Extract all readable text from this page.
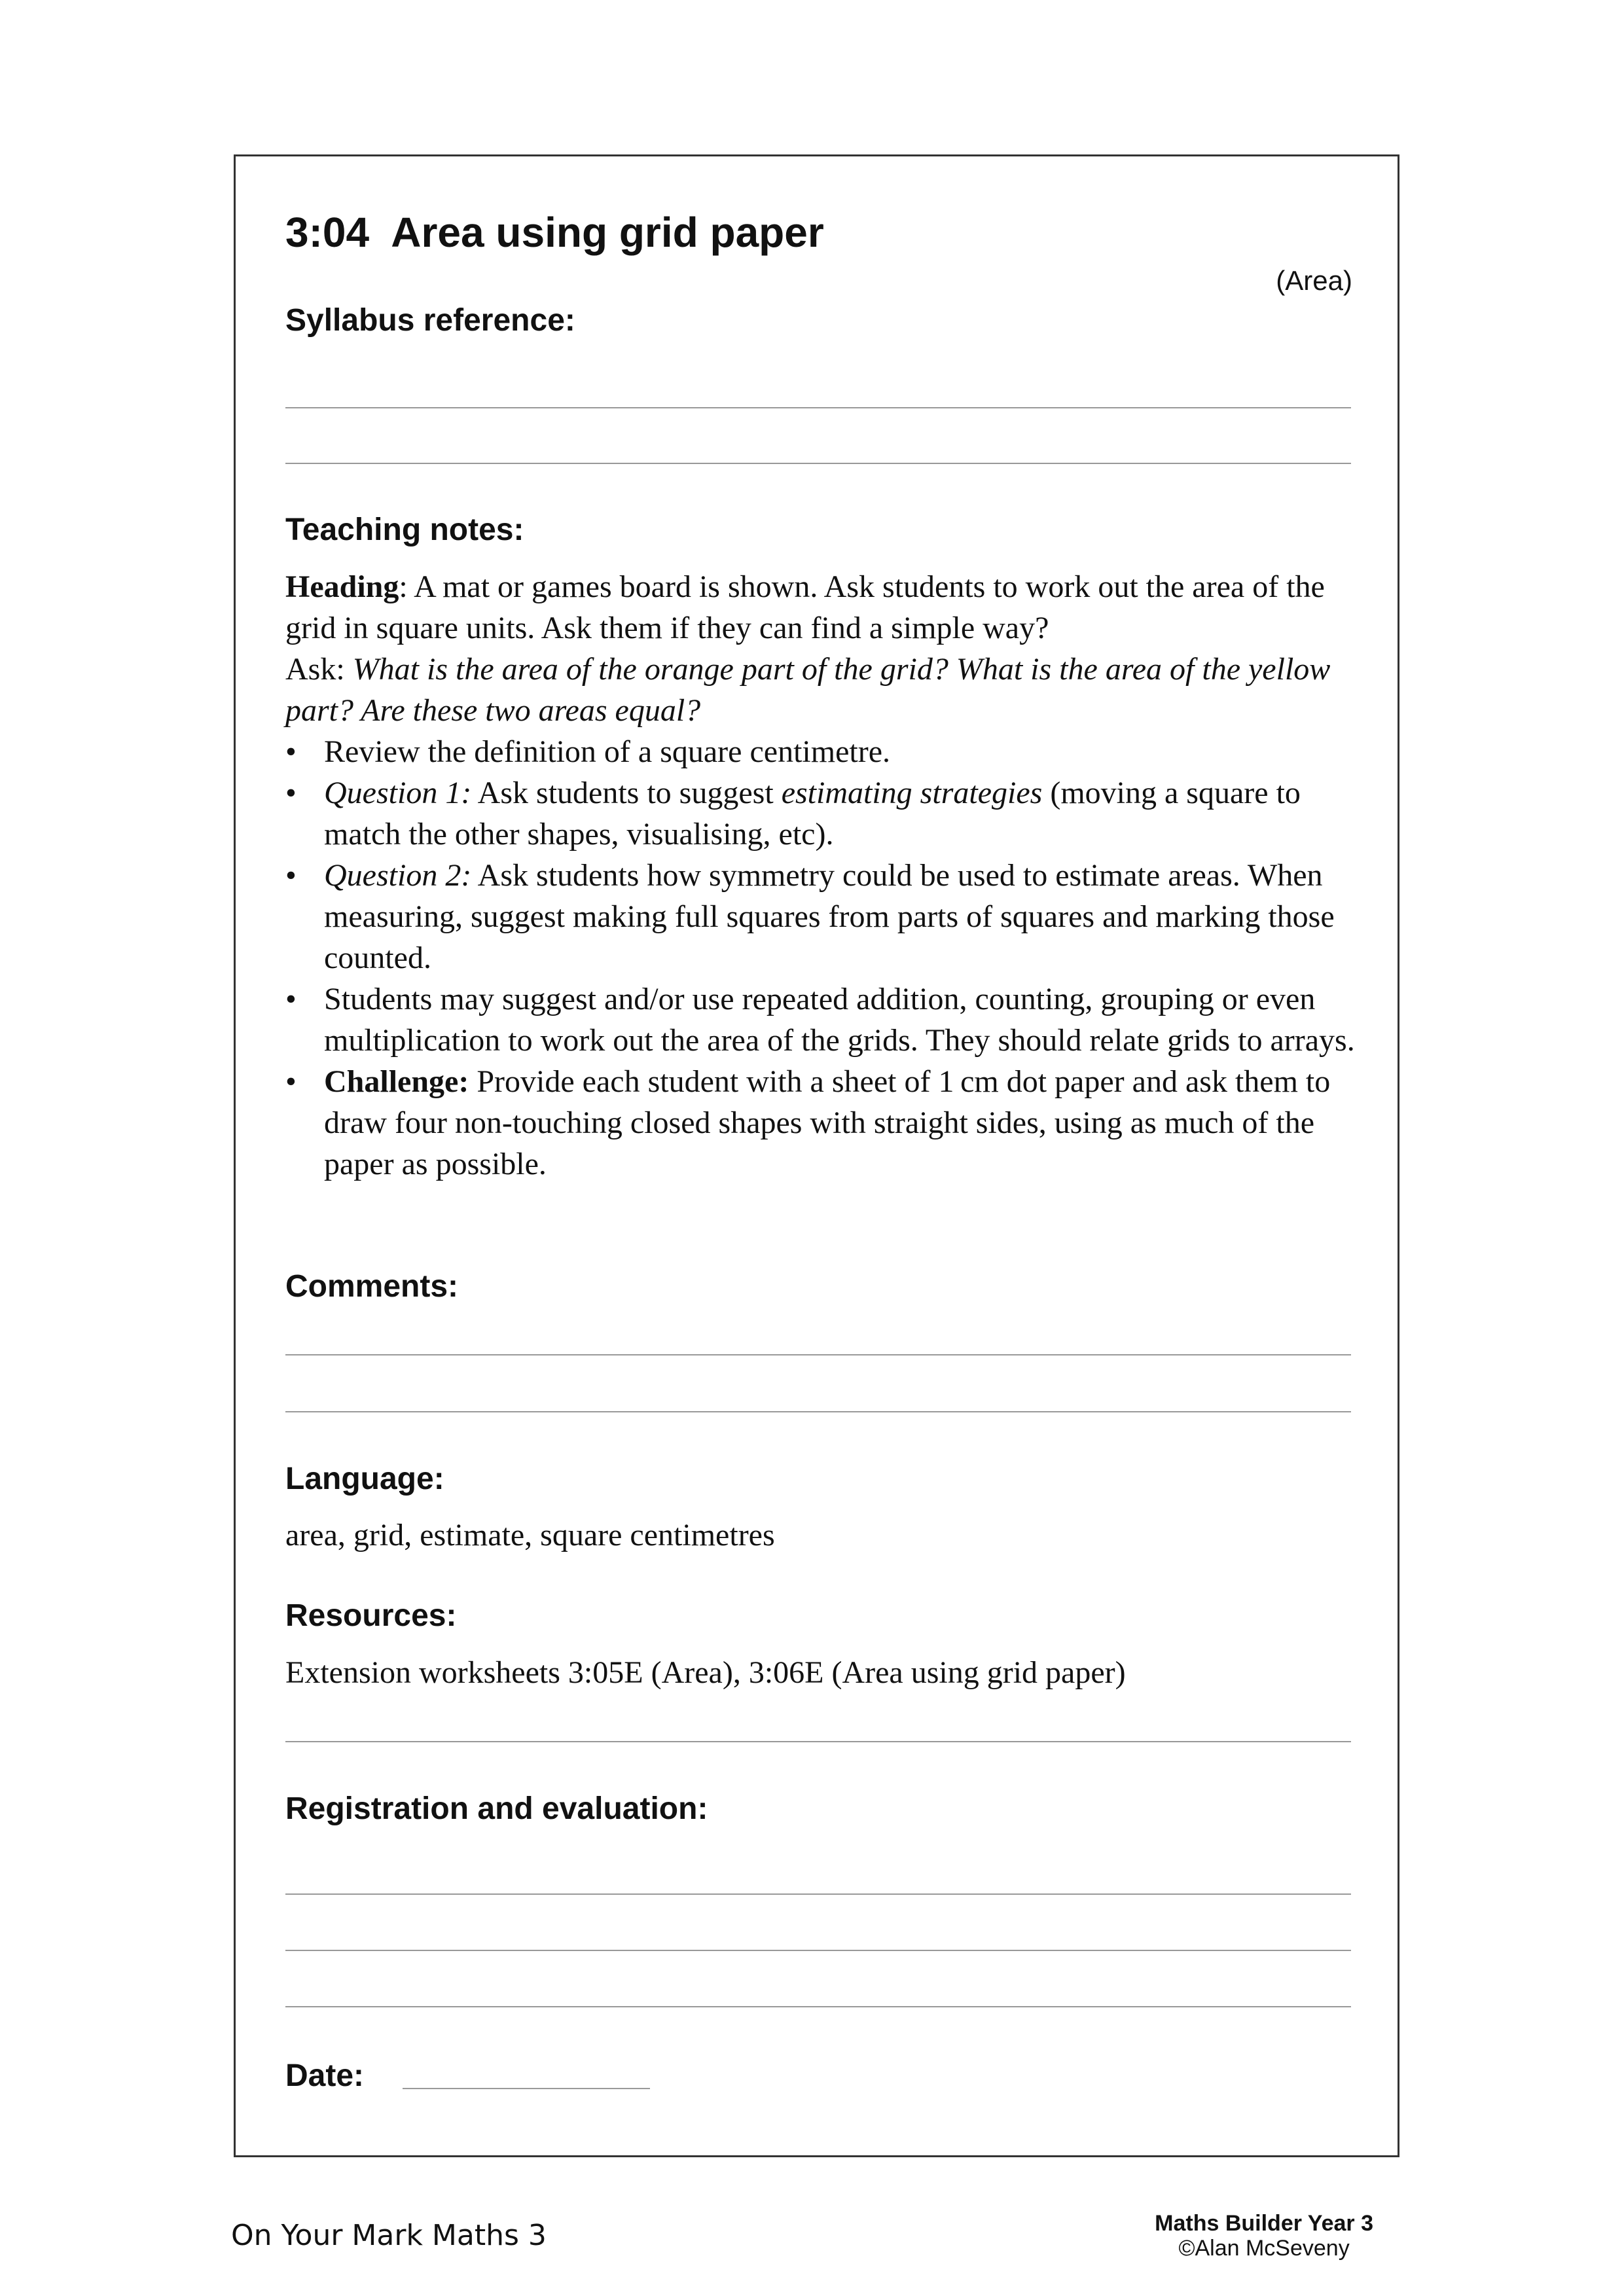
3:04  Area using grid paper
(Area)
Syllabus reference:
Teaching notes:

Heading: A mat or games board is shown. Ask students to work out the area of the grid in square units. Ask them if they can find a simple way?

Ask: What is the area of the orange part of the grid? What is the area of the yellow part? Are these two areas equal?

• Review the definition of a square centimetre.
• Question 1: Ask students to suggest estimating strategies (moving a square to match the other shapes, visualising, etc).
• Question 2: Ask students how symmetry could be used to estimate areas. When measuring, suggest making full squares from parts of squares and marking those counted.
• Students may suggest and/or use repeated addition, counting, grouping or even multiplication to work out the area of the grids. They should relate grids to arrays.
• Challenge: Provide each student with a sheet of 1 cm dot paper and ask them to draw four non-touching closed shapes with straight sides, using as much of the paper as possible.
Comments:
Language:
area, grid, estimate, square centimetres
Resources:
Extension worksheets 3:05E (Area), 3:06E (Area using grid paper)
Registration and evaluation:
Date:
On Your Mark Maths 3	Maths Builder Year 3
©Alan McSeveny
